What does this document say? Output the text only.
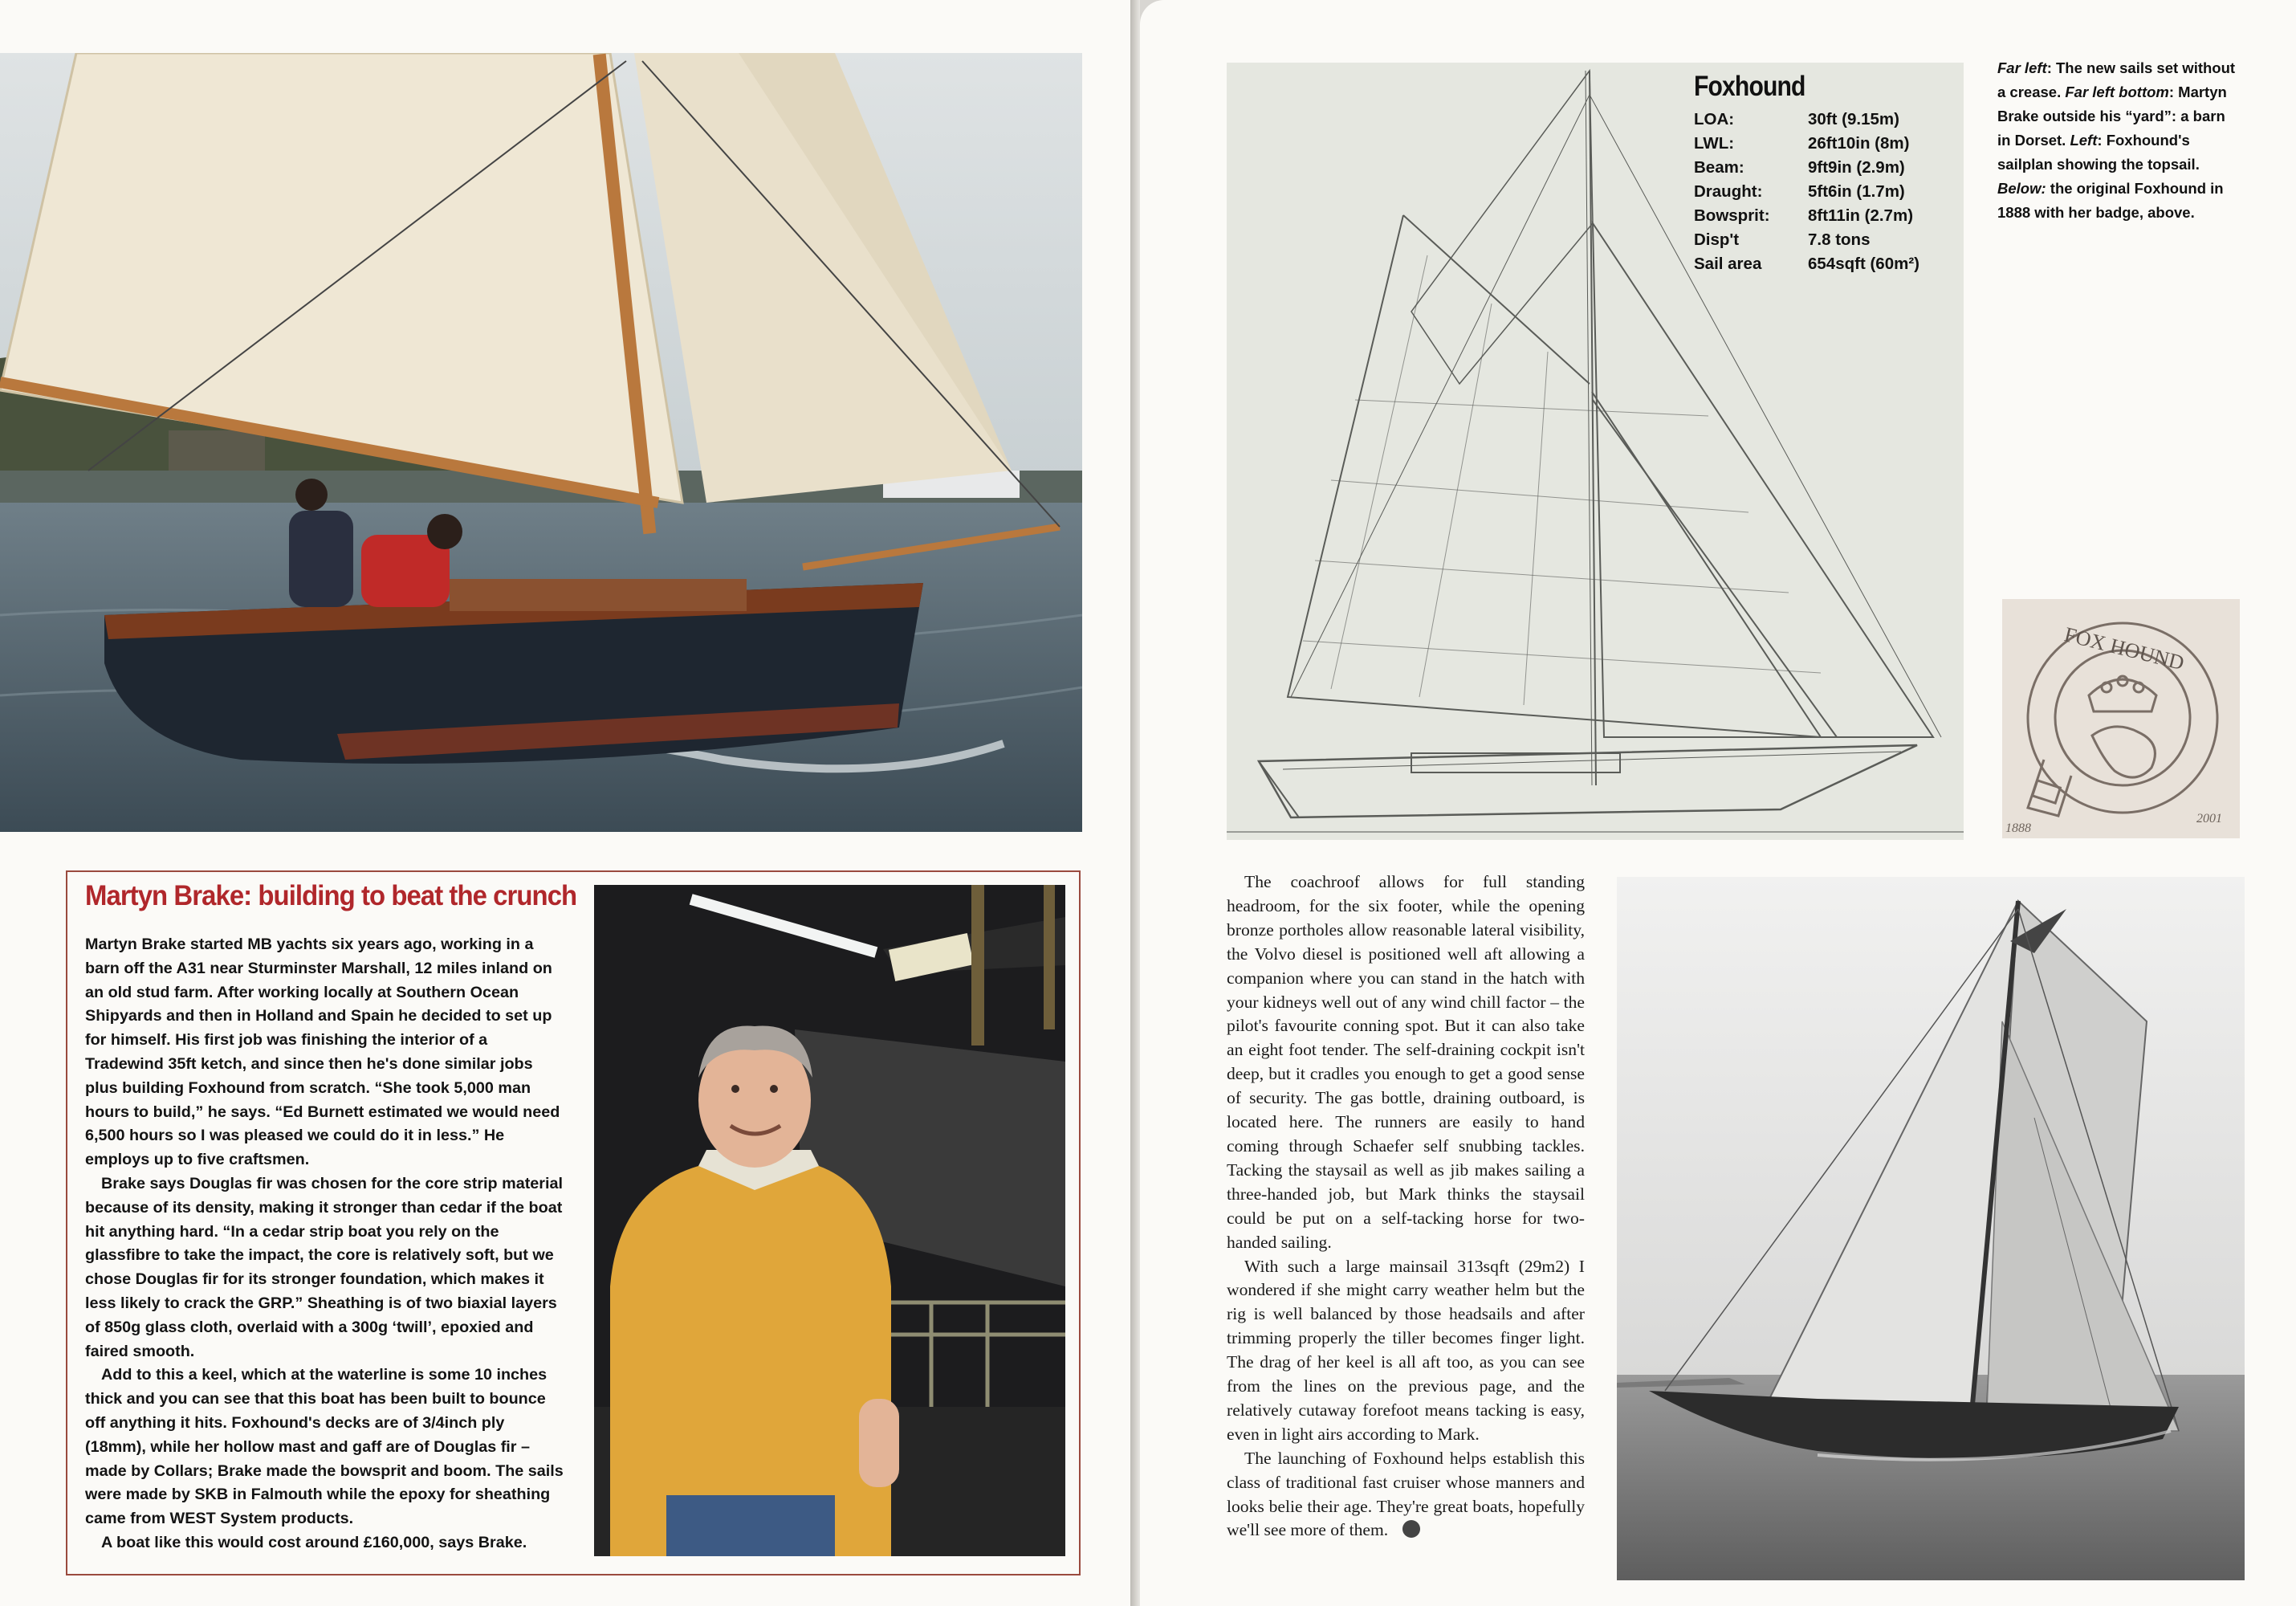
Martyn Brake: building to beat the crunch

Martyn Brake started MB yachts six years ago, working in a barn off the A31 near Sturminster Marshall, 12 miles inland on an old stud farm. After working locally at Southern Ocean Shipyards and then in Holland and Spain he decided to set up for himself. His first job was finishing the interior of a Tradewind 35ft ketch, and since then he's done similar jobs plus building Foxhound from scratch. “She took 5,000 man hours to build,” he says. “Ed Burnett estimated we would need 6,500 hours so I was pleased we could do it in less.” He employs up to five craftsmen.

Brake says Douglas fir was chosen for the core strip material because of its density, making it stronger than cedar if the boat hit anything hard. “In a cedar strip boat you rely on the glassfibre to take the impact, the core is relatively soft, but we chose Douglas fir for its stronger foundation, which makes it less likely to crack the GRP.” Sheathing is of two biaxial layers of 850g glass cloth, overlaid with a 300g ‘twill’, epoxied and faired smooth.

Add to this a keel, which at the waterline is some 10 inches thick and you can see that this boat has been built to bounce off anything it hits. Foxhound's decks are of 3/4inch ply (18mm), while her hollow mast and gaff are of Douglas fir – made by Collars; Brake made the bowsprit and boom. The sails were made by SKB in Falmouth while the epoxy for sheathing came from WEST System products.

A boat like this would cost around £160,000, says Brake.

Foxhound
LOA:	30ft (9.15m)
LWL:	26ft10in (8m)
Beam:	9ft9in (2.9m)
Draught:	5ft6in (1.7m)
Bowsprit:	8ft11in (2.7m)
Disp't	7.8 tons
Sail area	654sqft (60m²)
Far left: The new sails set without a crease. Far left bottom: Martyn Brake outside his “yard”: a barn in Dorset. Left: Foxhound's sailplan showing the topsail. Below: the original Foxhound in 1888 with her badge, above.
FOX HOUND
1888
2001

The coachroof allows for full standing headroom, for the six footer, while the opening bronze portholes allow reasonable lateral visibility, the Volvo diesel is positioned well aft allowing a companion where you can stand in the hatch with your kidneys well out of any wind chill factor – the pilot's favourite conning spot. But it can also take an eight foot tender. The self-draining cockpit isn't deep, but it cradles you enough to get a good sense of security. The gas bottle, draining outboard, is located here. The runners are easily to hand coming through Schaefer self snubbing tackles. Tacking the staysail as well as jib makes sailing a three-handed job, but Mark thinks the staysail could be put on a self-tacking horse for two-handed sailing.

With such a large mainsail 313sqft (29m2) I wondered if she might carry weather helm but the rig is well balanced by those headsails and after trimming properly the tiller becomes finger light. The drag of her keel is all aft too, as you can see from the lines on the previous page, and the relatively cutaway forefoot means tacking is easy, even in light airs according to Mark.

The launching of Foxhound helps establish this class of traditional fast cruiser whose manners and looks belie their age. They're great boats, hopefully we'll see more of them.
